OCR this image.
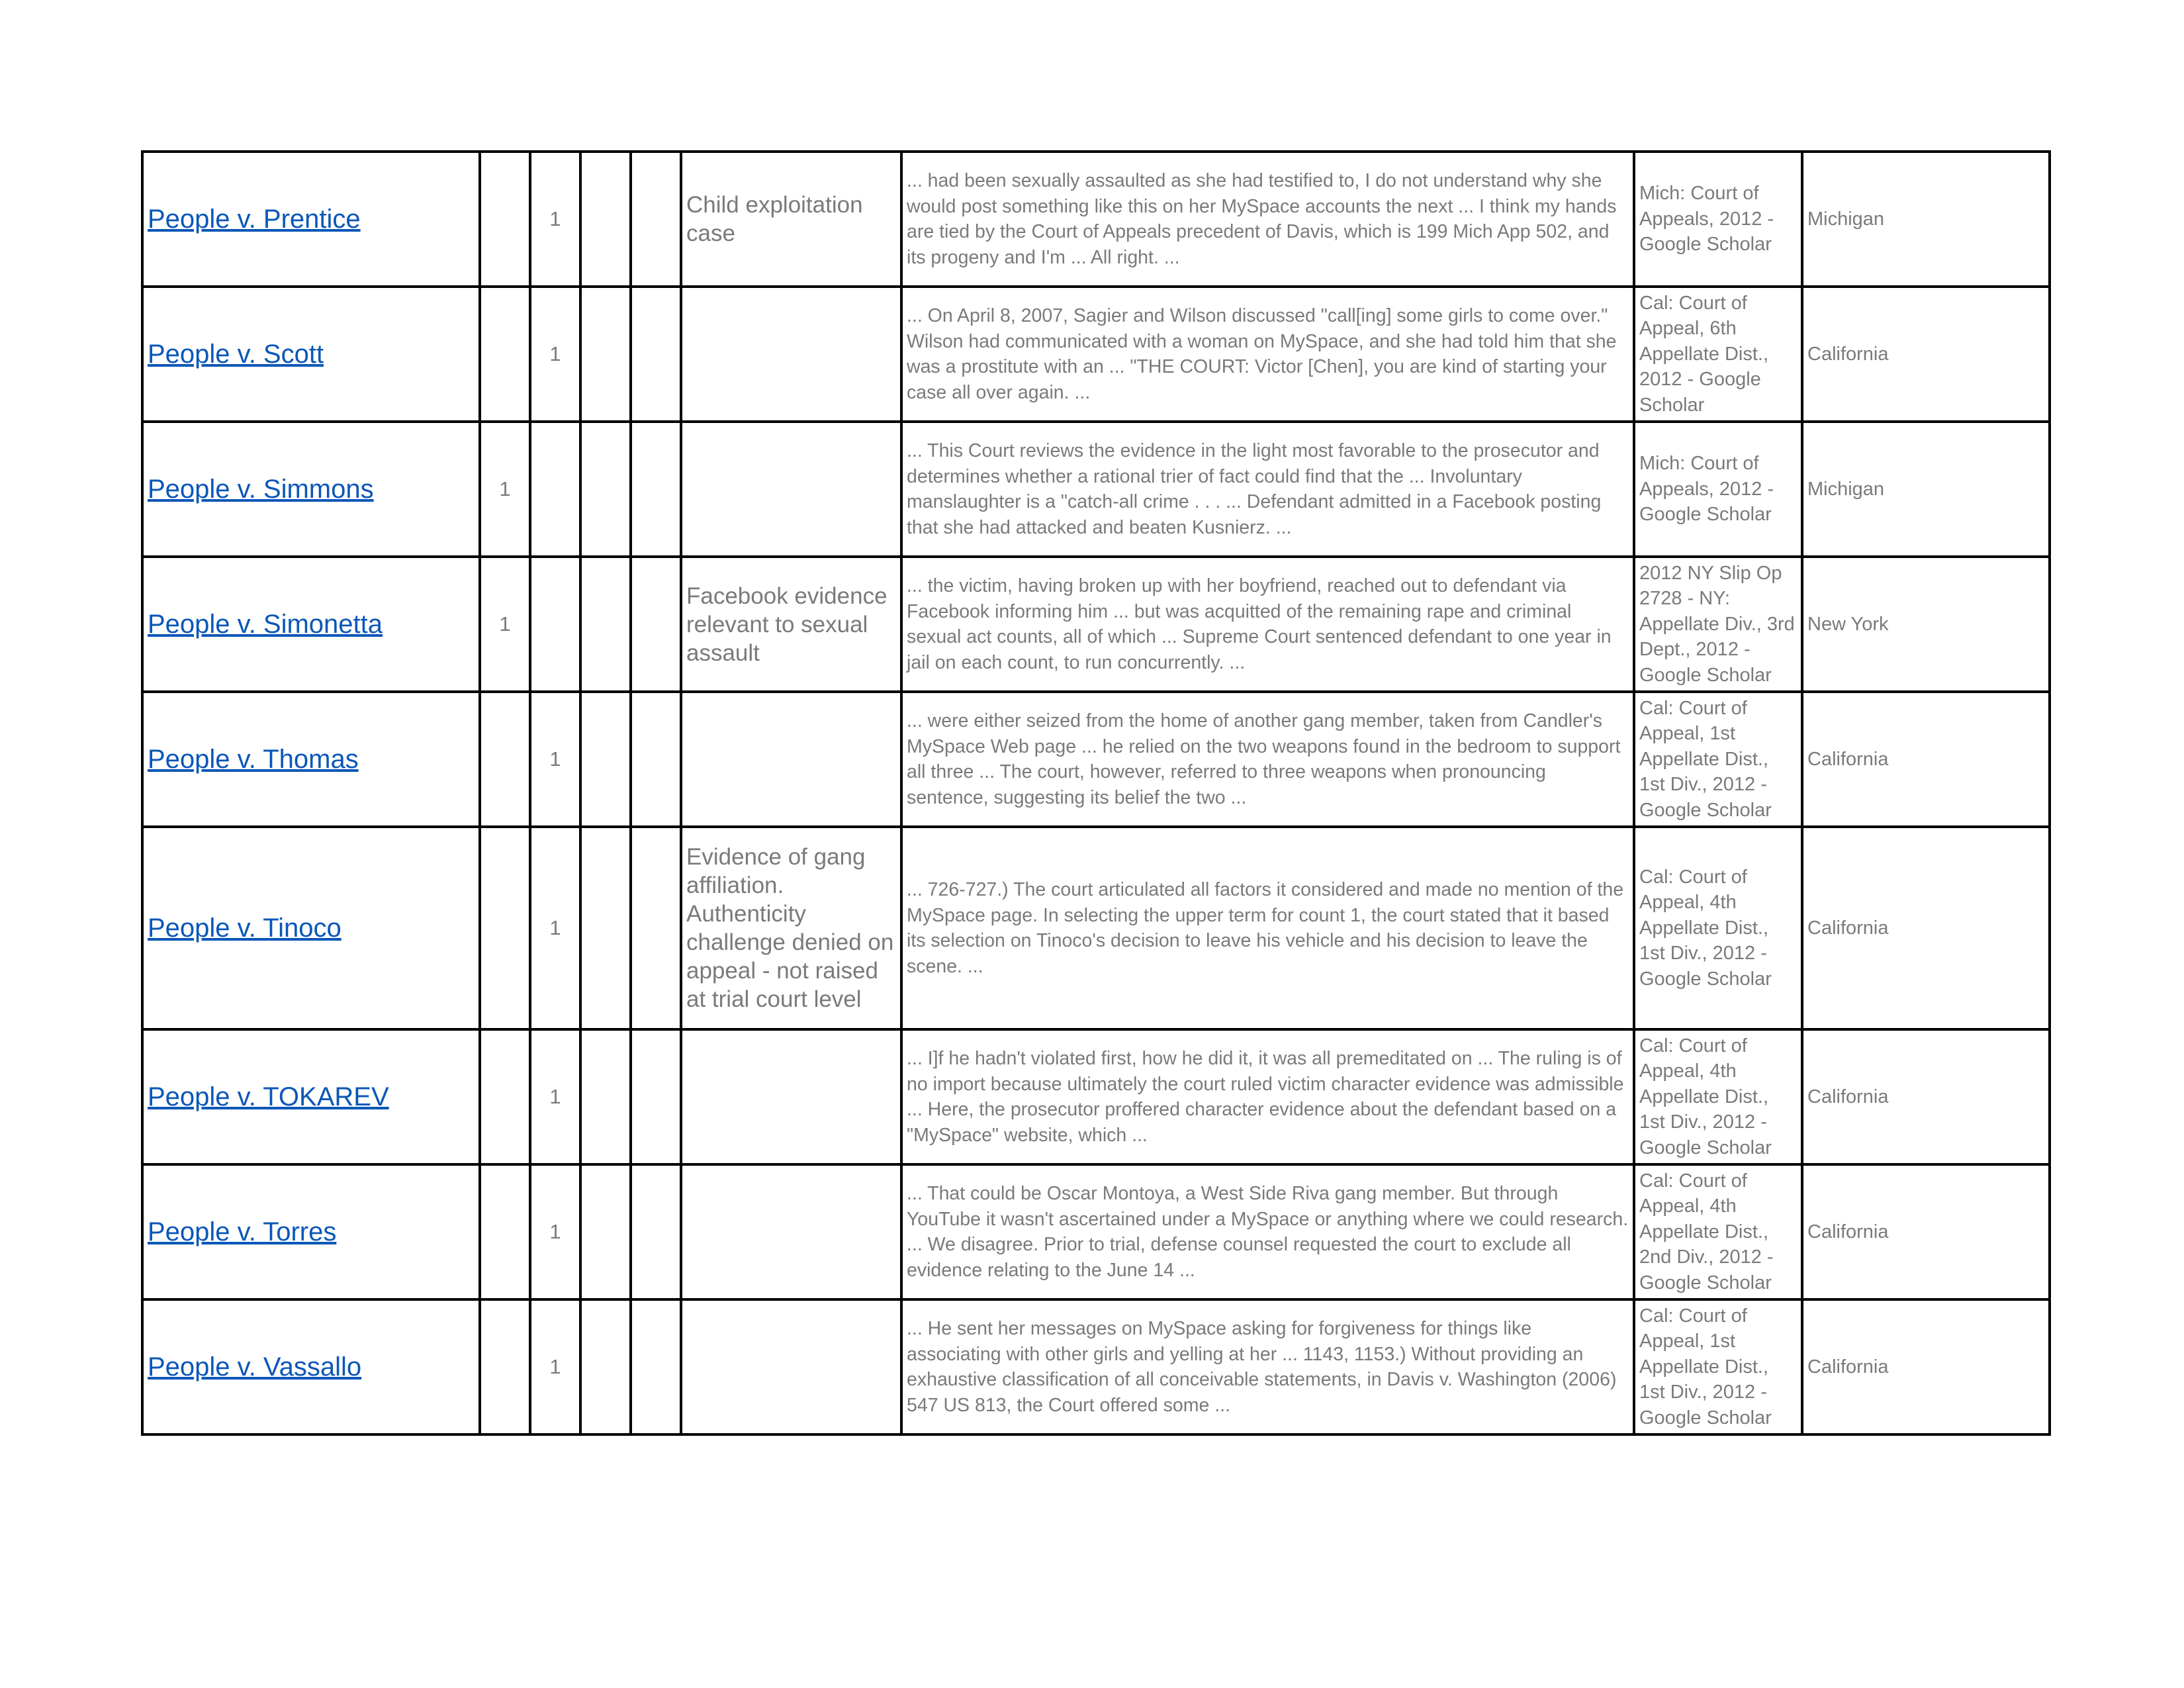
People v. Prentice		1			Child exploitation case	... had been sexually assaulted as she had testified to, I do not understand why she would post something like this on her MySpace accounts the next ... I think my hands are tied by the Court of Appeals precedent of Davis, which is 199 Mich App 502, and its progeny and I'm ... All right. ...	Mich: Court of Appeals, 2012 - Google Scholar	Michigan
People v. Scott		1				... On April 8, 2007, Sagier and Wilson discussed "call[ing] some girls to come over." Wilson had communicated with a woman on MySpace, and she had told him that she was a prostitute with an ... "THE COURT: Victor [Chen], you are kind of starting your case all over again. ...	Cal: Court of Appeal, 6th Appellate Dist., 2012 - Google Scholar	California
People v. Simmons	1					... This Court reviews the evidence in the light most favorable to the prosecutor and determines whether a rational trier of fact could find that the ... Involuntary manslaughter is a "catch-all crime . . . ... Defendant admitted in a Facebook posting that she had attacked and beaten Kusnierz. ...	Mich: Court of Appeals, 2012 - Google Scholar	Michigan
People v. Simonetta	1				Facebook evidence relevant to sexual assault	... the victim, having broken up with her boyfriend, reached out to defendant via Facebook informing him ... but was acquitted of the remaining rape and criminal sexual act counts, all of which ... Supreme Court sentenced defendant to one year in jail on each count, to run concurrently. ...	2012 NY Slip Op 2728 - NY: Appellate Div., 3rd Dept., 2012 - Google Scholar	New York
People v. Thomas		1				... were either seized from the home of another gang member, taken from Candler's MySpace Web page ... he relied on the two weapons found in the bedroom to support all three ... The court, however, referred to three weapons when pronouncing sentence, suggesting its belief the two ...	Cal: Court of Appeal, 1st Appellate Dist., 1st Div., 2012 - Google Scholar	California
People v. Tinoco		1			Evidence of gang affiliation. Authenticity challenge denied on appeal - not raised at trial court level	... 726-727.) The court articulated all factors it considered and made no mention of the MySpace page. In selecting the upper term for count 1, the court stated that it based its selection on Tinoco's decision to leave his vehicle and his decision to leave the scene. ...	Cal: Court of Appeal, 4th Appellate Dist., 1st Div., 2012 - Google Scholar	California
People v. TOKAREV		1				... I]f he hadn't violated first, how he did it, it was all premeditated on ... The ruling is of no import because ultimately the court ruled victim character evidence was admissible ... Here, the prosecutor proffered character evidence about the defendant based on a "MySpace" website, which ...	Cal: Court of Appeal, 4th Appellate Dist., 1st Div., 2012 - Google Scholar	California
People v. Torres		1				... That could be Oscar Montoya, a West Side Riva gang member. But through YouTube it wasn't ascertained under a MySpace or anything where we could research. ... We disagree. Prior to trial, defense counsel requested the court to exclude all evidence relating to the June 14 ...	Cal: Court of Appeal, 4th Appellate Dist., 2nd Div., 2012 - Google Scholar	California
People v. Vassallo		1				... He sent her messages on MySpace asking for forgiveness for things like associating with other girls and yelling at her ... 1143, 1153.) Without providing an exhaustive classification of all conceivable statements, in Davis v. Washington (2006) 547 US 813, the Court offered some ...	Cal: Court of Appeal, 1st Appellate Dist., 1st Div., 2012 - Google Scholar	California
